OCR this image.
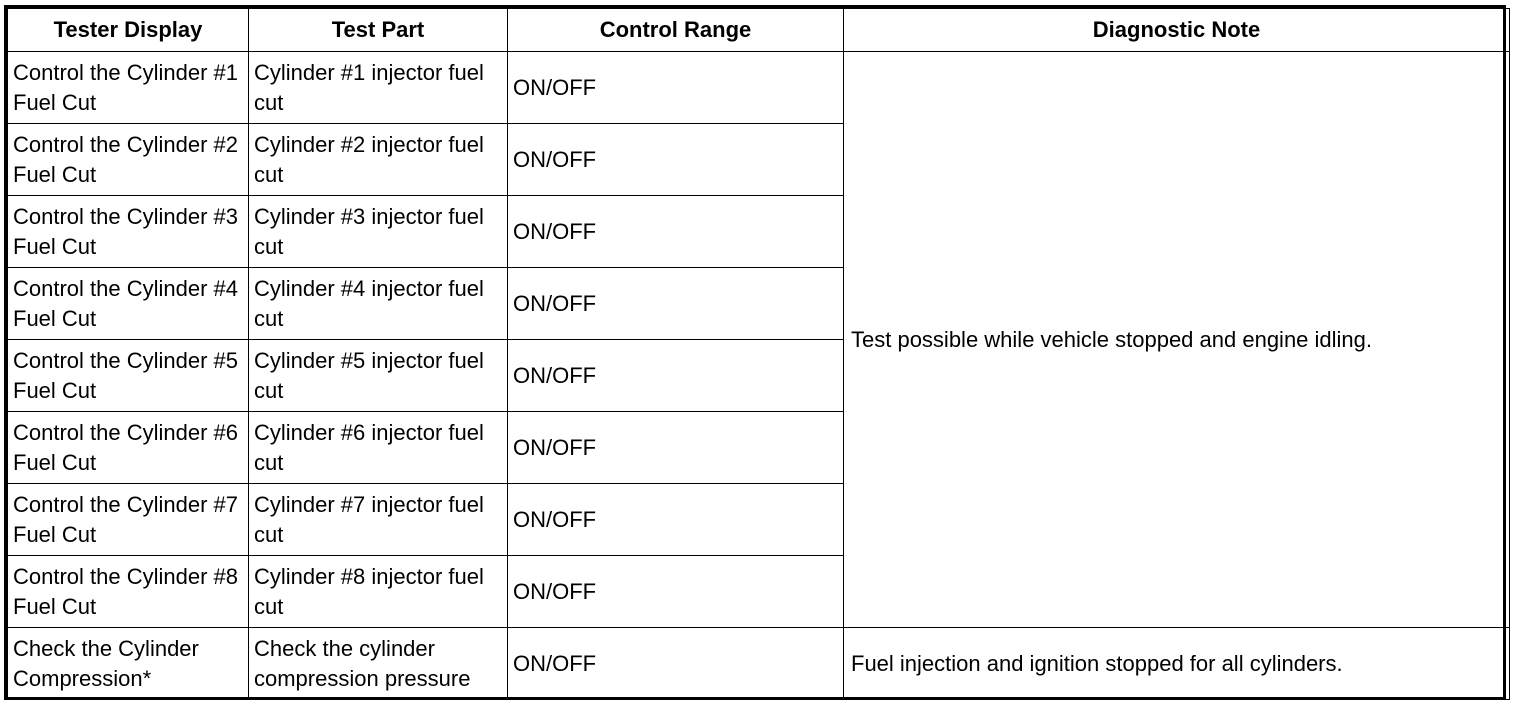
Tester Display	Test Part	Control Range	Diagnostic Note
Control the Cylinder #1 Fuel Cut	Cylinder #1 injector fuel cut	ON/OFF	Test possible while vehicle stopped and engine idling.
Control the Cylinder #2 Fuel Cut	Cylinder #2 injector fuel cut	ON/OFF	
Control the Cylinder #3 Fuel Cut	Cylinder #3 injector fuel cut	ON/OFF	
Control the Cylinder #4 Fuel Cut	Cylinder #4 injector fuel cut	ON/OFF	
Control the Cylinder #5 Fuel Cut	Cylinder #5 injector fuel cut	ON/OFF	
Control the Cylinder #6 Fuel Cut	Cylinder #6 injector fuel cut	ON/OFF	
Control the Cylinder #7 Fuel Cut	Cylinder #7 injector fuel cut	ON/OFF	
Control the Cylinder #8 Fuel Cut	Cylinder #8 injector fuel cut	ON/OFF	
Check the Cylinder Compression*	Check the cylinder compression pressure	ON/OFF	Fuel injection and ignition stopped for all cylinders.
